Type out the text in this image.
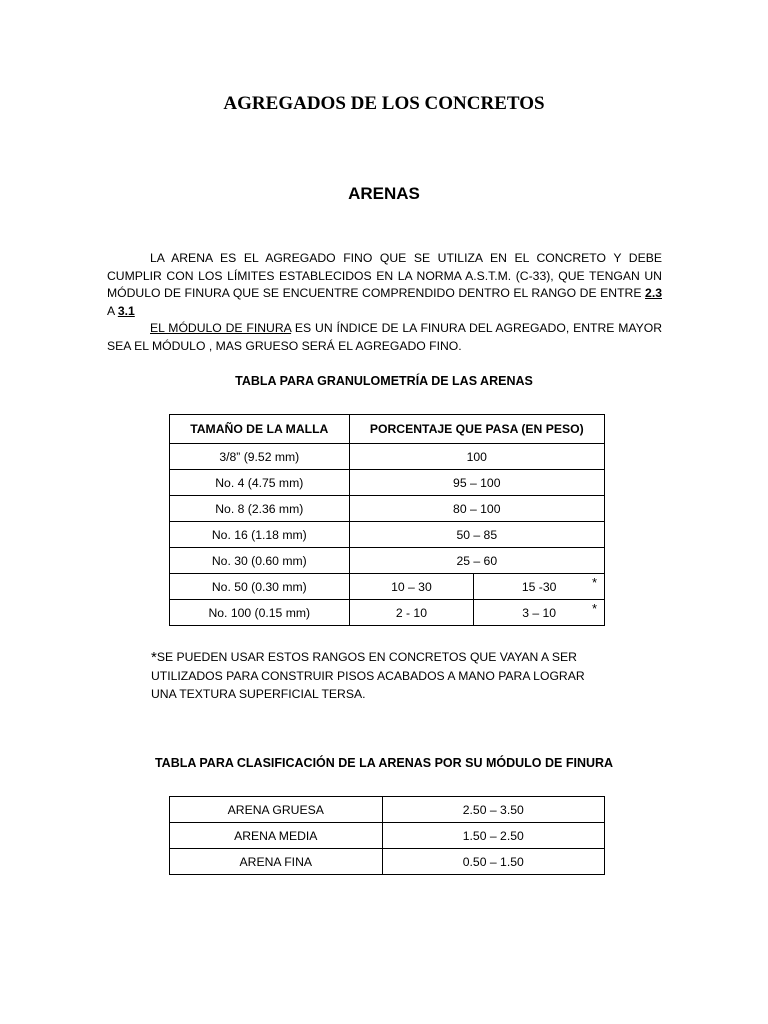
AGREGADOS DE LOS CONCRETOS
ARENAS

LA ARENA ES EL AGREGADO FINO QUE SE UTILIZA EN EL CONCRETO Y DEBE CUMPLIR CON LOS LÍMITES ESTABLECIDOS EN LA NORMA A.S.T.M. (C-33), QUE TENGAN UN MÓDULO DE FINURA QUE SE ENCUENTRE COMPRENDIDO DENTRO EL RANGO DE ENTRE 2.3 A 3.1

EL MÓDULO DE FINURA ES UN ÍNDICE DE LA FINURA DEL AGREGADO, ENTRE MAYOR SEA EL MÓDULO , MAS GRUESO SERÁ EL AGREGADO FINO.

TABLA PARA GRANULOMETRÍA DE LAS ARENAS
TAMAÑO DE LA MALLA	PORCENTAJE QUE PASA (EN PESO)	
3/8” (9.52 mm)	100	
No. 4 (4.75 mm)	95 – 100	
No. 8 (2.36 mm)	80 – 100	
No. 16 (1.18 mm)	50 – 85	
No. 30 (0.60 mm)	25 – 60	
No. 50 (0.30 mm)	10 – 30	15 -30 *

No. 100 (0.15 mm)	2 - 10	3 – 10 *
*SE PUEDEN USAR ESTOS RANGOS EN CONCRETOS QUE VAYAN A SER UTILIZADOS PARA CONSTRUIR PISOS ACABADOS A MANO PARA LOGRAR UNA TEXTURA SUPERFICIAL TERSA.
TABLA PARA CLASIFICACIÓN DE LA ARENAS POR SU MÓDULO DE FINURA
ARENA GRUESA	2.50 – 3.50
ARENA MEDIA	1.50 – 2.50
ARENA FINA	0.50 – 1.50
